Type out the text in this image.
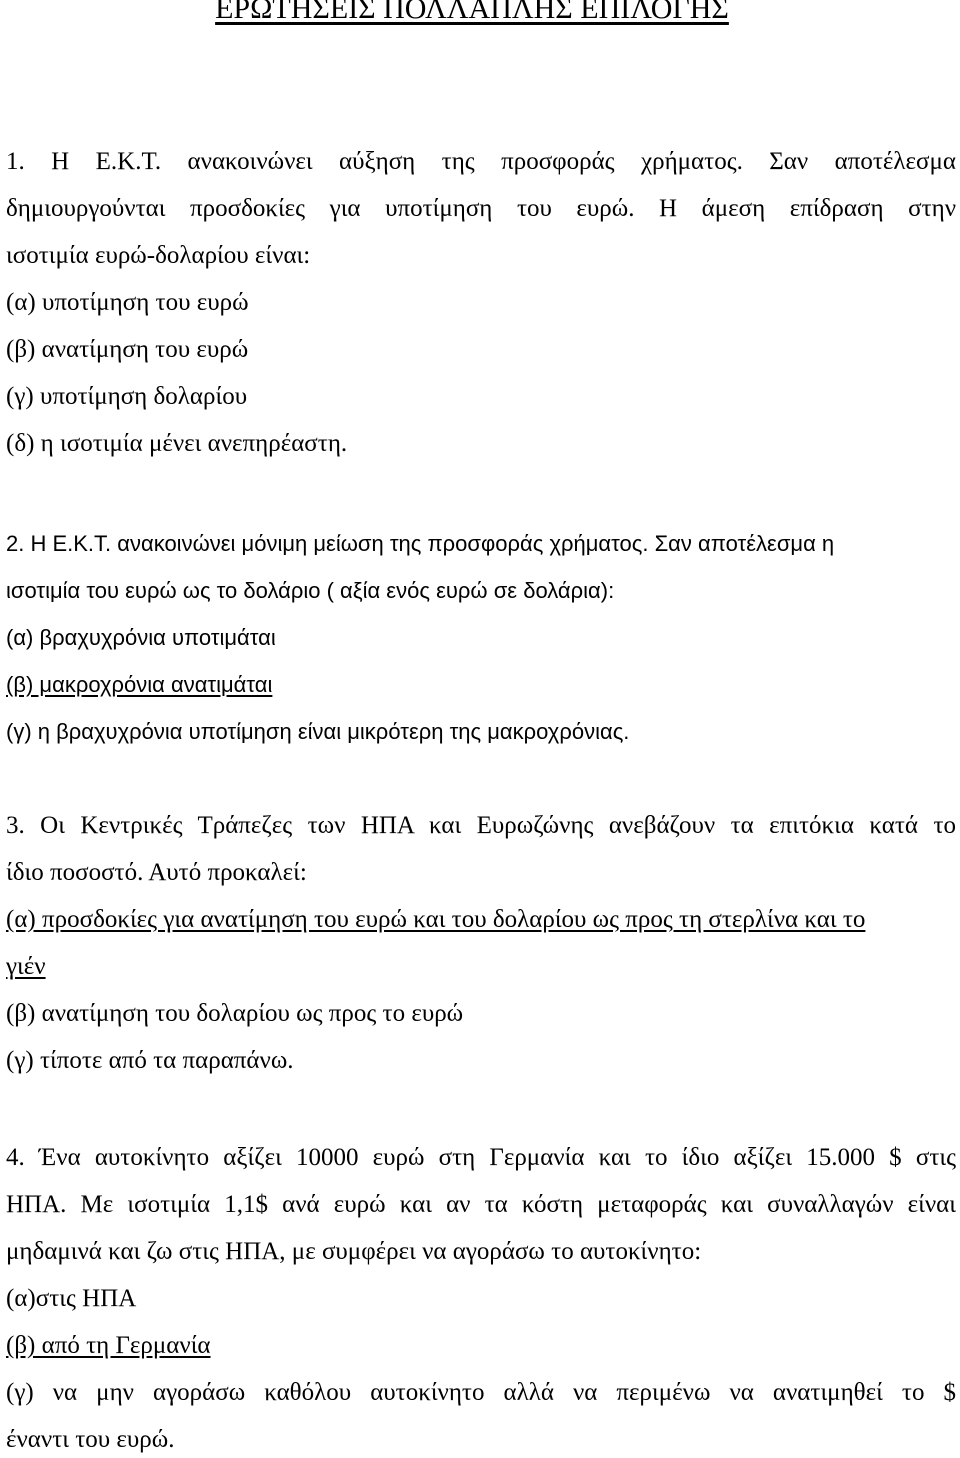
ΕΡΩΤΗΣΕΙΣ ΠΟΛΛΑΠΛΗΣ ΕΠΙΛΟΓΗΣ
1. Η Ε.Κ.Τ. ανακοινώνει αύξηση της προσφοράς χρήματος. Σαν αποτέλεσμα
δημιουργούνται προσδοκίες για υποτίμηση του ευρώ. Η άμεση επίδραση στην
ισοτιμία ευρώ-δολαρίου είναι:
(α) υποτίμηση του ευρώ
(β) ανατίμηση του ευρώ
(γ) υποτίμηση δολαρίου
(δ) η ισοτιμία μένει ανεπηρέαστη.
2. Η Ε.Κ.Τ. ανακοινώνει μόνιμη μείωση της προσφοράς χρήματος. Σαν αποτέλεσμα η
ισοτιμία του ευρώ ως το δολάριο ( αξία ενός ευρώ σε δολάρια):
(α) βραχυχρόνια υποτιμάται
(β) μακροχρόνια ανατιμάται
(γ) η βραχυχρόνια υποτίμηση είναι μικρότερη της μακροχρόνιας.
3. Οι Κεντρικές Τράπεζες των ΗΠΑ και Ευρωζώνης ανεβάζουν τα επιτόκια κατά το
ίδιο ποσοστό. Αυτό προκαλεί:
(α) προσδοκίες για ανατίμηση του ευρώ και του δολαρίου ως προς τη στερλίνα και το
γιέν
(β) ανατίμηση του δολαρίου ως προς το ευρώ
(γ) τίποτε από τα παραπάνω.
4. Ένα αυτοκίνητο αξίζει 10000 ευρώ στη Γερμανία και το ίδιο αξίζει 15.000 $ στις
ΗΠΑ. Με ισοτιμία 1,1$ ανά ευρώ και αν τα κόστη μεταφοράς και συναλλαγών είναι
μηδαμινά και ζω στις ΗΠΑ, με συμφέρει να αγοράσω το αυτοκίνητο:
(α)στις ΗΠΑ
(β) από τη Γερμανία
(γ) να μην αγοράσω καθόλου αυτοκίνητο αλλά να περιμένω να ανατιμηθεί το $
έναντι του ευρώ.
